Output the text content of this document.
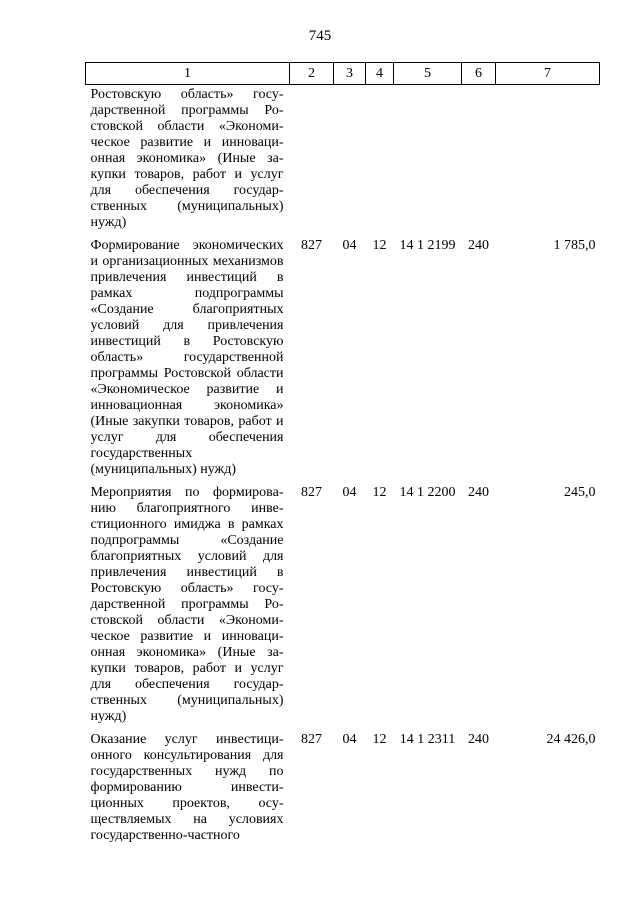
745
1	2	3	4	5	6	7
Ростовскую область» государственной программы Ростовской области «Экономическое развитие и инновационная экономика» (Иные закупки товаров, работ и услуг для обеспечения государственных (муниципальных) нужд)						
Формирование экономических и организационных механизмов привлечения инвестиций в рамках подпрограммы «Создание благоприятных условий для привлечения инвестиций в Ростовскую область» государственной программы Ростовской области «Экономическое развитие и инновационная экономика» (Иные закупки товаров, работ и услуг для обеспечения государственных (муниципальных) нужд)	827	04	12	14 1 2199	240	1 785,0
Мероприятия по формированию благоприятного инвестиционного имиджа в рамках подпрограммы «Создание благоприятных условий для привлечения инвестиций в Ростовскую область» государственной программы Ростовской области «Экономическое развитие и инновационная экономика» (Иные закупки товаров, работ и услуг для обеспечения государственных (муниципальных) нужд)	827	04	12	14 1 2200	240	245,0
Оказание услуг инвестиционного консультирования для государственных нужд по формированию инвестиционных проектов, осуществляемых на условиях государственно-частного	827	04	12	14 1 2311	240	24 426,0
